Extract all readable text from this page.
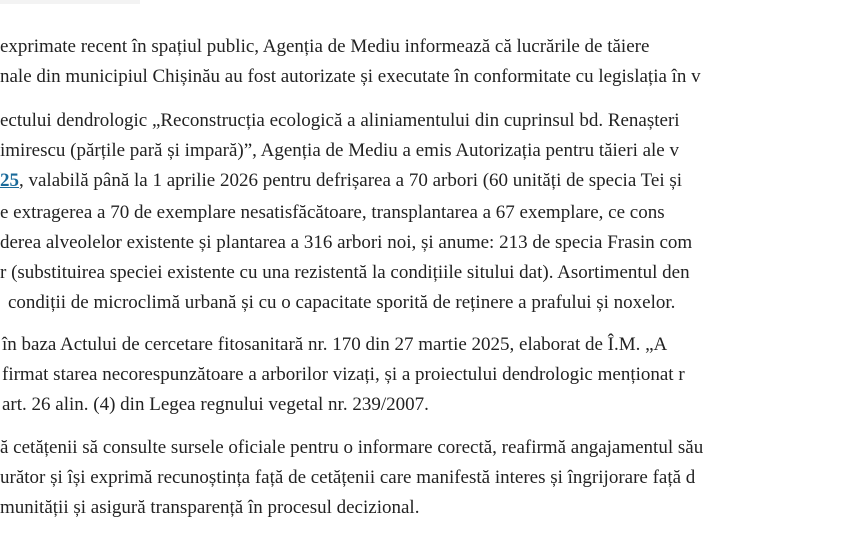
exprimate recent în spațiul public, Agenția de Mediu informează că lucrările de tăiere
nale din municipiul Chișinău au fost autorizate și executate în conformitate cu legislația în v
ectului dendrologic „Reconstrucția ecologică a aliniamentului din cuprinsul bd. Renașteri
imirescu (părțile pară și impară)”, Agenția de Mediu a emis Autorizația pentru tăieri ale v
25, valabilă până la 1 aprilie 2026 pentru defrișarea a 70 arbori (60 unități de specia Tei și
e extragerea a 70 de exemplare nesatisfăcătoare, transplantarea a 67 exemplare, ce cons
derea alveolelor existente și plantarea a 316 arbori noi, și anume: 213 de specia Frasin com
r (substituirea speciei existente cu una rezistentă la condițiile sitului dat). Asortimentul den
condiții de microclimă urbană și cu o capacitate sporită de reținere a prafului și noxelor.
în baza Actului de cercetare fitosanitară nr. 170 din 27 martie 2025, elaborat de Î.M. „A
firmat starea necorespunzătoare a arborilor vizați, și a proiectului dendrologic menționat r
art. 26 alin. (4) din Legea regnului vegetal nr. 239/2007.
ă cetățenii să consulte sursele oficiale pentru o informare corectă, reafirmă angajamentul său
urător și își exprimă recunoștința față de cetățenii care manifestă interes și îngrijorare față d
munității și asigură transparență în procesul decizional.
